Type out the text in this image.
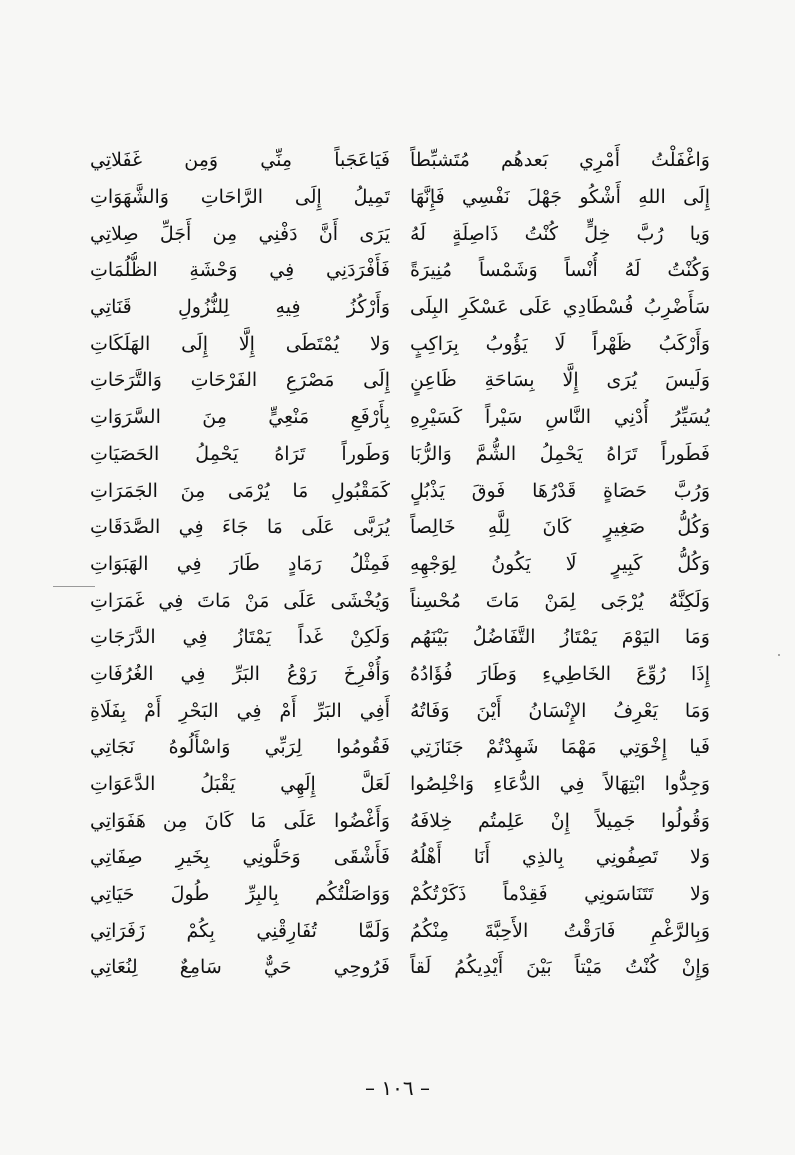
وَاغْفَلْتُ أَمْرِي بَعدهُم مُتَشبِّطاً
فَيَاعَجَباً مِنِّي وَمِن غَفَلاتِي
إِلَى اللهِ أَشْكُو جَهْلَ نَفْسِي فَإِنَّهَا
تَمِيلُ إِلَى الرَّاحَاتِ وَالشَّهَوَاتِ
وَيا رُبَّ خِلٍّ كُنْتُ ذَاصِلَةٍ لَهُ
يَرَى أَنَّ دَفْنِي مِن أَجَلِّ صِلاتِي
وَكُنْتُ لَهُ أُنْساً وَشَمْساً مُنِيرَةً
فَأَفْرَدَنِي فِي وَحْشَةِ الظُّلُمَاتِ
سَأَضْرِبُ فُسْطَادِي عَلَى عَسْكَرِ البِلَى
وَأَرْكُزُ فِيهِ لِلنُّزُولِ قَنَاتِي
وَأَرْكَبُ ظَهْراً لَا يَؤُوبُ بِرَاكِبٍ
وَلا يُمْتَطَى إِلَّا إِلَى الهَلَكَاتِ
وَلَيسَ يُرَى إِلَّا بِسَاحَةِ ظَاعِنٍ
إِلَى مَصْرَعِ الفَرْحَاتِ وَالتَّرَحَاتِ
يُسَيِّرُ أُدْنِي النَّاسِ سَيْراً كَسَيْرِهِ
بِأَرْفَعِ مَنْعِيٍّ مِنَ السَّرَوَاتِ
فَطَوراً تَرَاهُ يَحْمِلُ الشُّمَّ وَالرُّبَا
وَطَوراً تَرَاهُ يَحْمِلُ الحَصَيَاتِ
وَرُبَّ حَصَاةٍ قَدْرُهَا فَوقَ يَذْبُلٍ
كَمَقْبُولِ مَا يُرْمَى مِنَ الجَمَرَاتِ
وَكُلُّ صَغِيرٍ كَانَ لِلَّهِ خَالِصاً
يُرَبَّى عَلَى مَا جَاءَ فِي الصَّدَقَاتِ
وَكُلُّ كَبِيرٍ لَا يَكُونُ لِوَجْهِهِ
فَمِثْلُ رَمَادٍ طَارَ فِي الهَبَوَاتِ
وَلَكِنَّهُ يُرْجَى لِمَنْ مَاتَ مُحْسِناً
وَيُخْشَى عَلَى مَنْ مَاتَ فِي غَمَرَاتِ
وَمَا اليَوْمَ يَمْتَازُ التَّفَاضُلُ بَيْنَهُم
وَلَكِنْ غَداً يَمْتَازُ فِي الدَّرَجَاتِ
إِذَا رُوِّعَ الخَاطِيءِ وَطَارَ فُؤَادُهُ
وَأُفْرِخَ رَوْعُ البَرِّ فِي الغُرُفَاتِ
وَمَا يَعْرِفُ الإِنْسَانُ أَيْنَ وَفَاتُهُ
أَفِي البَرِّ أَمْ فِي البَحْرِ أَمْ بِفَلَاةِ
فَيا إِخْوَتِي مَهْمَا شَهِدْتُمْ جَنَازَتِي
فَقُومُوا لِرَبِّي وَاسْأَلُوهُ نَجَاتِي
وَجِدُّوا ابْتِهَالاً فِي الدُّعَاءِ وَاخْلِصُوا
لَعَلَّ إِلَهِي يَقْبَلُ الدَّعَوَاتِ
وَقُولُوا جَمِيلاً إِنْ عَلِمتُم خِلافَهُ
وَأَغْضُوا عَلَى مَا كَانَ مِن هَفَوَاتِي
وَلا تَصِفُونِي بِالذِي أَنَا أَهْلُهُ
فَأَشْقَى وَحَلُّونِي بِخَيرِ صِفَاتِي
وَلا تَتَنَاسَونِي فَقِدْماً ذَكَرْتُكُمْ
وَوَاصَلْتُكُم بِالبِرِّ طُولَ حَيَاتِي
وَبِالرَّغْمِ فَارَقْتُ الأَحِبَّةَ مِنْكُمُ
وَلَمَّا تُفَارِقْنِي بِكُمْ زَفَرَاتِي
وَإِنْ كُنْتُ مَيْتاً بَيْنَ أَيْدِيكُمُ لَقاً
فَرُوحِي حَيٌّ سَامِعٌ لِنُعَاتِي
– ١٠٦ –
